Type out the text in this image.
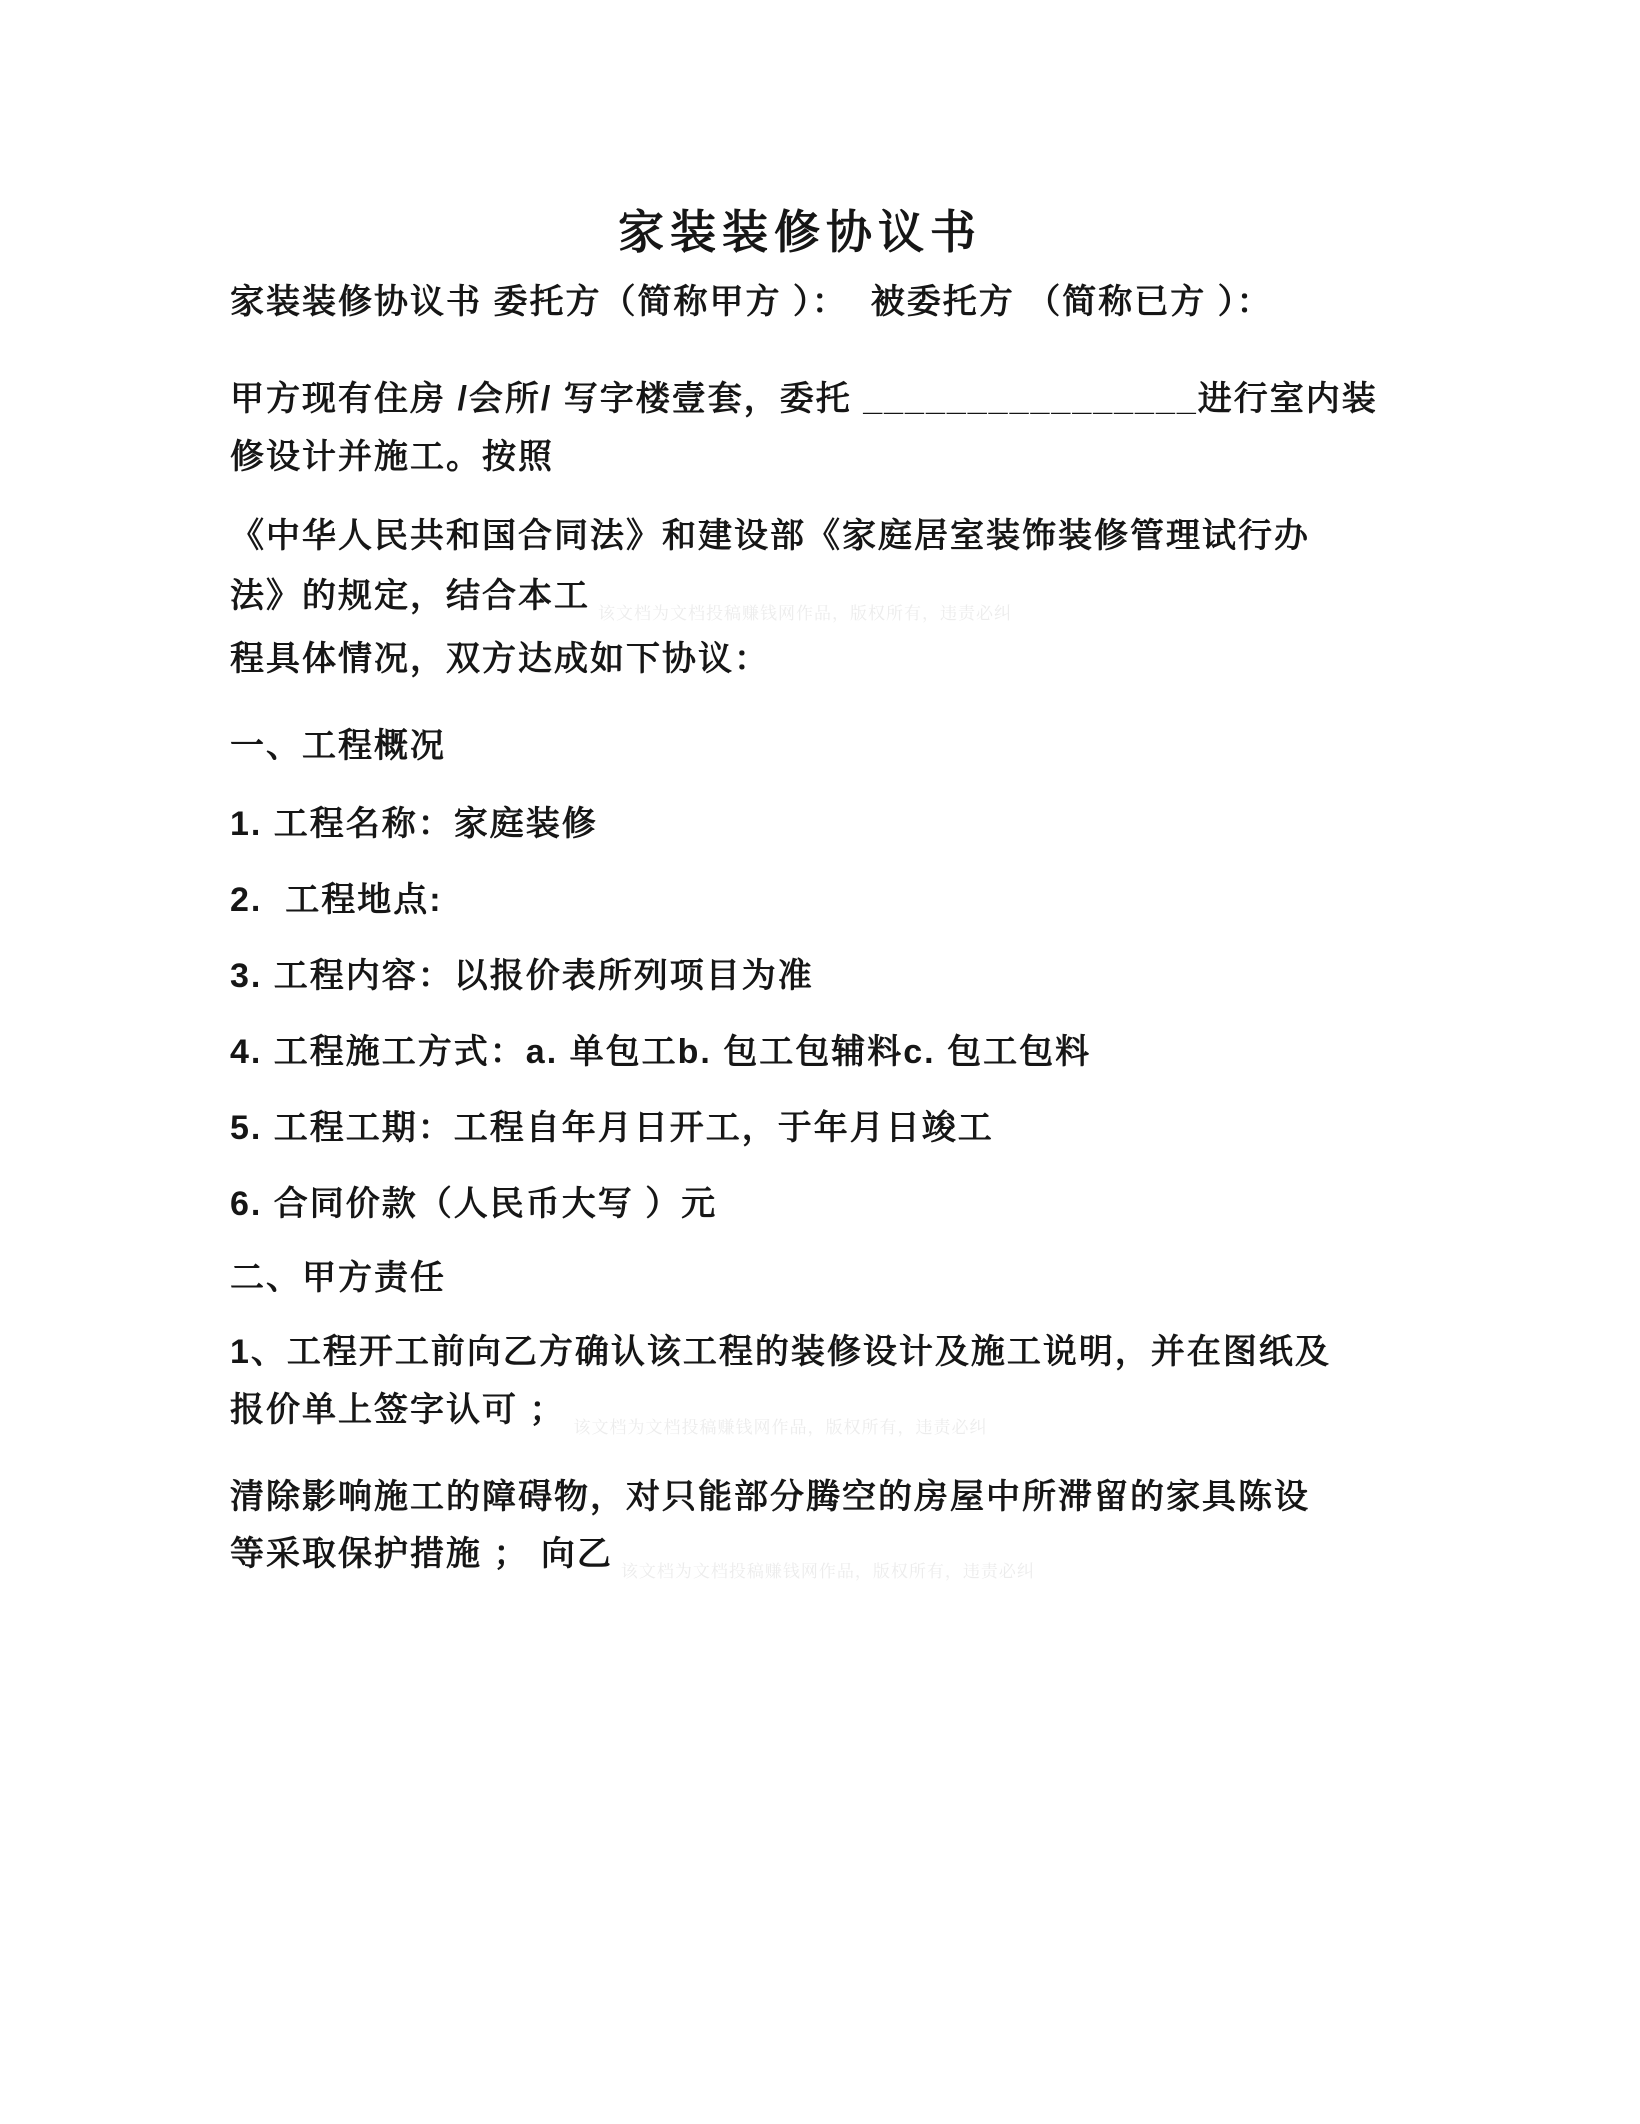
家装装修协议书
家装装修协议书 委托方（简称甲方 ）：  被委托方 （简称已方 ）：
甲方现有住房 /会所/ 写字楼壹套，委托 ________________进行室内装
修设计并施工。按照
《中华人民共和国合同法》和建设部《家庭居室装饰装修管理试行办
法》的规定，结合本工 $_{该文档为文档投稿赚钱网作品,版权所有,违责必纠}$
程具体情况，双方达成如下协议：
一、工程概况
1. 工程名称：家庭装修
2.  工程地点:
3. 工程内容：以报价表所列项目为准
4. 工程施工方式：a. 单包工b. 包工包辅料c. 包工包料
5. 工程工期：工程自年月日开工，于年月日竣工
6. 合同价款（人民币大写 ）元
二、甲方责任
1、工程开工前向乙方确认该工程的装修设计及施工说明，并在图纸及
报价单上签字认可 ； $_{该文档为文档投稿赚钱网作品,版权所有,违责必纠}$
清除影响施工的障碍物，对只能部分腾空的房屋中所滞留的家具陈设
等采取保护措施 ； 向乙 $_{该文档为文档投稿赚钱网作品,版权所有,违责必纠}$
